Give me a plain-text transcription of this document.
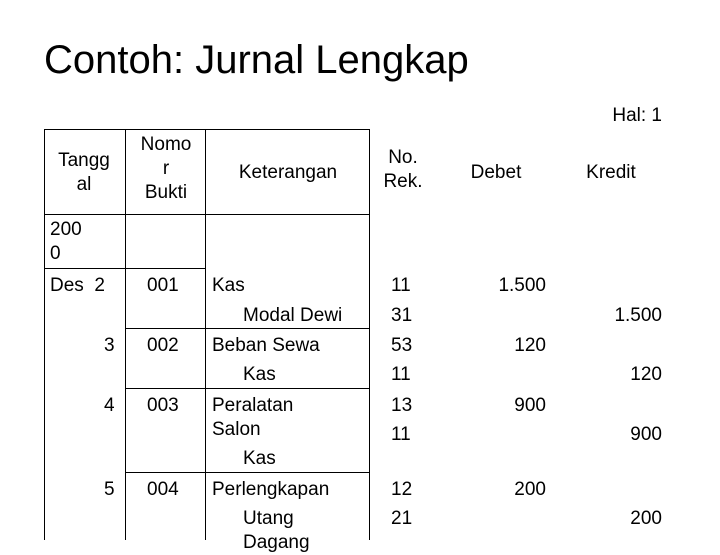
Contoh: Jurnal Lengkap
Hal: 1
Tangg
al
Nomo
r
Bukti
Keterangan
No.
Rek.	Debet	Kredit
200
0
Des  2 001 Kas
Modal Dewi
11
31
1.500
1.500
3 002 Beban Sewa
Kas
53
11
120
120
4 003 Peralatan
Salon
Kas
13
11
900
900
5 004 Perlengkapan
Utang
Dagang
12
21
200
200
